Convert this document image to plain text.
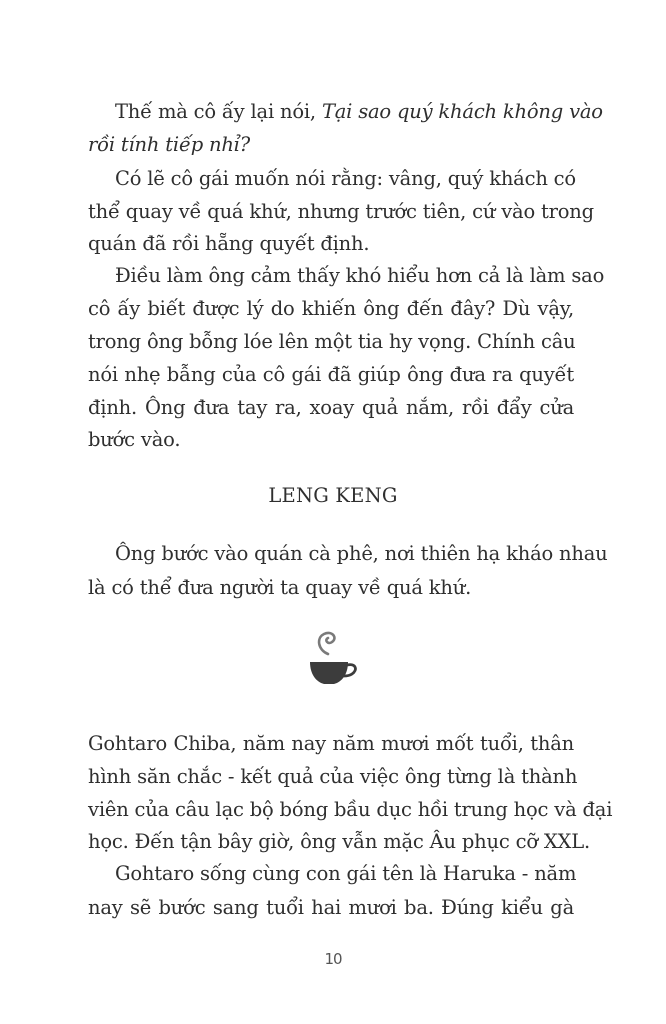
Thế mà cô ấy lại nói, Tại sao quý khách không vào
rồi tính tiếp nhỉ?
Có lẽ cô gái muốn nói rằng: vâng, quý khách có
thể quay về quá khứ, nhưng trước tiên, cứ vào trong
quán đã rồi hẵng quyết định.
Điều làm ông cảm thấy khó hiểu hơn cả là làm sao
cô ấy biết được lý do khiến ông đến đây? Dù vậy,
trong ông bỗng lóe lên một tia hy vọng. Chính câu
nói nhẹ bẫng của cô gái đã giúp ông đưa ra quyết
định. Ông đưa tay ra, xoay quả nắm, rồi đẩy cửa
bước vào.
LENG KENG
Ông bước vào quán cà phê, nơi thiên hạ kháo nhau
là có thể đưa người ta quay về quá khứ.
Gohtaro Chiba, năm nay năm mươi mốt tuổi, thân
hình săn chắc - kết quả của việc ông từng là thành
viên của câu lạc bộ bóng bầu dục hồi trung học và đại
học. Đến tận bây giờ, ông vẫn mặc Âu phục cỡ XXL.
Gohtaro sống cùng con gái tên là Haruka - năm
nay sẽ bước sang tuổi hai mươi ba. Đúng kiểu gà
10
